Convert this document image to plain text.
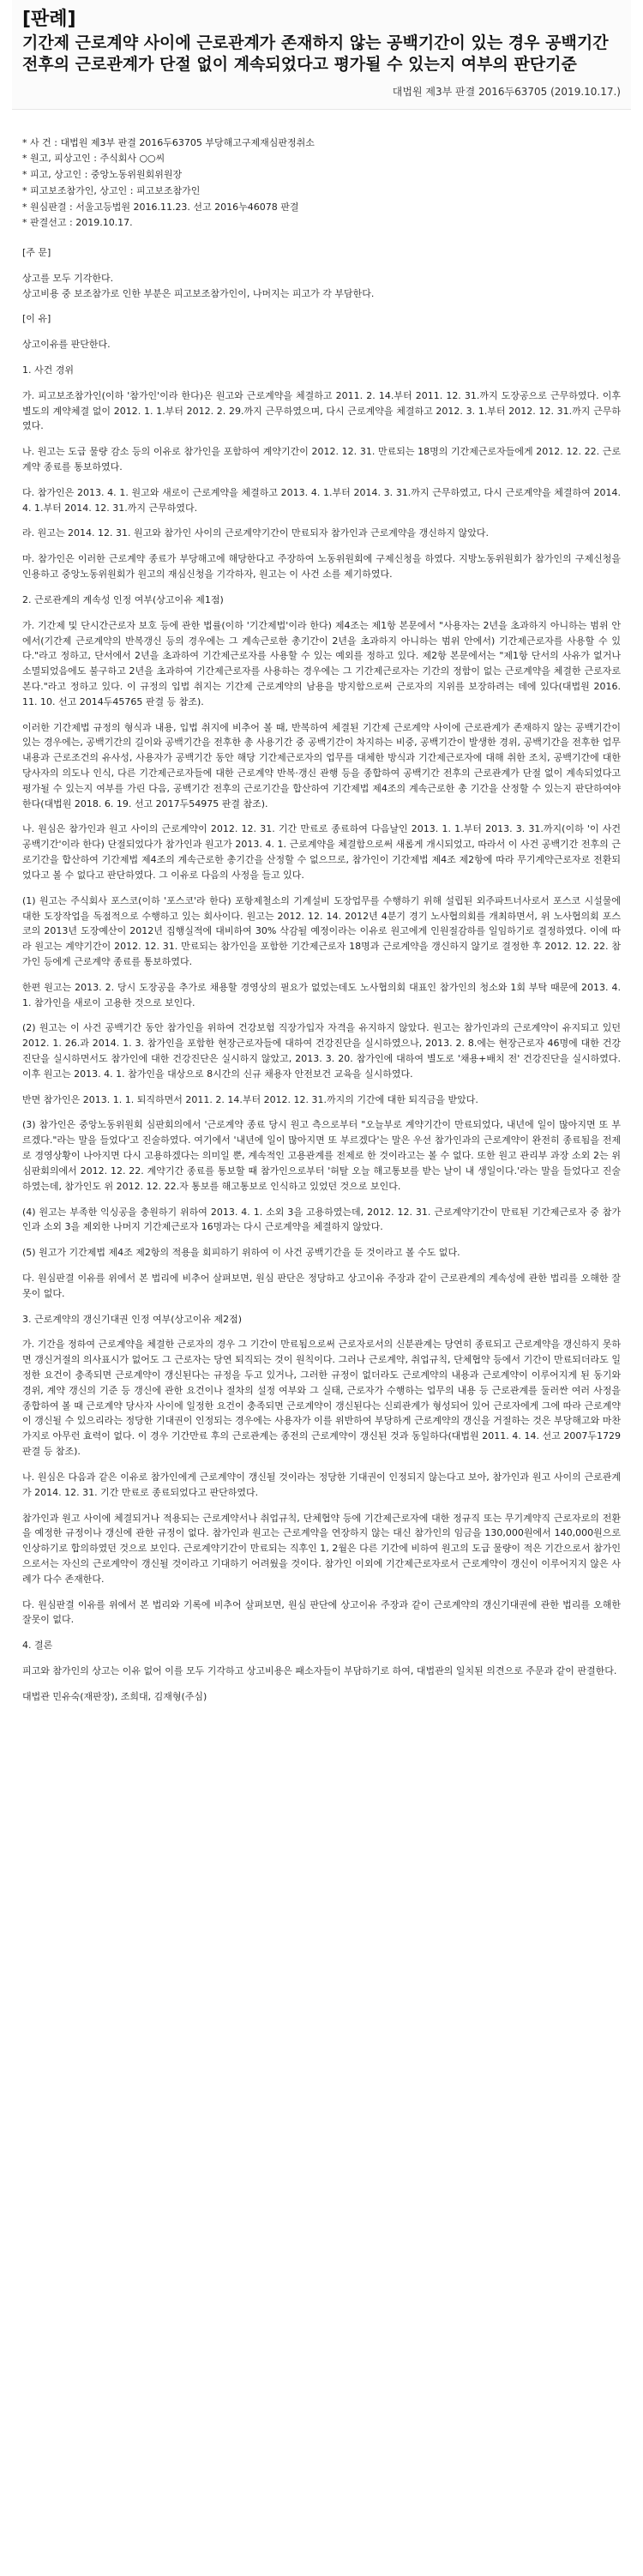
[판례]
기간제 근로계약 사이에 근로관계가 존재하지 않는 공백기간이 있는 경우 공백기간 전후의 근로관계가 단절 없이 계속되었다고 평가될 수 있는지 여부의 판단기준
대법원 제3부 판결 2016두63705 (2019.10.17.)
* 사 건 : 대법원 제3부 판결 2016두63705 부당해고구제재심판정취소
* 원고, 피상고인 : 주식회사 ○○씨
* 피고, 상고인 : 중앙노동위원회위원장
* 피고보조참가인, 상고인 : 피고보조참가인
* 원심판결 : 서울고등법원 2016.11.23. 선고 2016누46078 판결
* 판결선고 : 2019.10.17.

[주 문]

상고를 모두 기각한다.
상고비용 중 보조참가로 인한 부분은 피고보조참가인이, 나머지는 피고가 각 부담한다.

[이 유]

상고이유를 판단한다.

1. 사건 경위

가. 피고보조참가인(이하 '참가인'이라 한다)은 원고와 근로계약을 체결하고 2011. 2. 14.부터 2011. 12. 31.까지 도장공으로 근무하였다. 이후 별도의 계약체결 없이 2012. 1. 1.부터 2012. 2. 29.까지 근무하였으며, 다시 근로계약을 체결하고 2012. 3. 1.부터 2012. 12. 31.까지 근무하였다.

나. 원고는 도급 물량 감소 등의 이유로 참가인을 포함하여 계약기간이 2012. 12. 31. 만료되는 18명의 기간제근로자들에게 2012. 12. 22. 근로계약 종료를 통보하였다.

다. 참가인은 2013. 4. 1. 원고와 새로이 근로계약을 체결하고 2013. 4. 1.부터 2014. 3. 31.까지 근무하였고, 다시 근로계약을 체결하여 2014. 4. 1.부터 2014. 12. 31.까지 근무하였다.

라. 원고는 2014. 12. 31. 원고와 참가인 사이의 근로계약기간이 만료되자 참가인과 근로계약을 갱신하지 않았다.

마. 참가인은 이러한 근로계약 종료가 부당해고에 해당한다고 주장하여 노동위원회에 구제신청을 하였다. 지방노동위원회가 참가인의 구제신청을 인용하고 중앙노동위원회가 원고의 재심신청을 기각하자, 원고는 이 사건 소를 제기하였다.

2. 근로관계의 계속성 인정 여부(상고이유 제1점)

가. 기간제 및 단시간근로자 보호 등에 관한 법률(이하 '기간제법'이라 한다) 제4조는 제1항 본문에서 "사용자는 2년을 초과하지 아니하는 범위 안에서(기간제 근로계약의 반복갱신 등의 경우에는 그 계속근로한 총기간이 2년을 초과하지 아니하는 범위 안에서) 기간제근로자를 사용할 수 있다."라고 정하고, 단서에서 2년을 초과하여 기간제근로자를 사용할 수 있는 예외를 정하고 있다. 제2항 본문에서는 "제1항 단서의 사유가 없거나 소멸되었음에도 불구하고 2년을 초과하여 기간제근로자를 사용하는 경우에는 그 기간제근로자는 기간의 정함이 없는 근로계약을 체결한 근로자로 본다."라고 정하고 있다. 이 규정의 입법 취지는 기간제 근로계약의 남용을 방지함으로써 근로자의 지위를 보장하려는 데에 있다(대법원 2016. 11. 10. 선고 2014두45765 판결 등 참조).

이러한 기간제법 규정의 형식과 내용, 입법 취지에 비추어 볼 때, 반복하여 체결된 기간제 근로계약 사이에 근로관계가 존재하지 않는 공백기간이 있는 경우에는, 공백기간의 길이와 공백기간을 전후한 총 사용기간 중 공백기간이 차지하는 비중, 공백기간이 발생한 경위, 공백기간을 전후한 업무내용과 근로조건의 유사성, 사용자가 공백기간 동안 해당 기간제근로자의 업무를 대체한 방식과 기간제근로자에 대해 취한 조치, 공백기간에 대한 당사자의 의도나 인식, 다른 기간제근로자들에 대한 근로계약 반복·갱신 관행 등을 종합하여 공백기간 전후의 근로관계가 단절 없이 계속되었다고 평가될 수 있는지 여부를 가린 다음, 공백기간 전후의 근로기간을 합산하여 기간제법 제4조의 계속근로한 총 기간을 산정할 수 있는지 판단하여야 한다(대법원 2018. 6. 19. 선고 2017두54975 판결 참조).

나. 원심은 참가인과 원고 사이의 근로계약이 2012. 12. 31. 기간 만료로 종료하여 다음날인 2013. 1. 1.부터 2013. 3. 31.까지(이하 '이 사건 공백기간'이라 한다) 단절되었다가 참가인과 원고가 2013. 4. 1. 근로계약을 체결함으로써 새롭게 개시되었고, 따라서 이 사건 공백기간 전후의 근로기간을 합산하여 기간제법 제4조의 계속근로한 총기간을 산정할 수 없으므로, 참가인이 기간제법 제4조 제2항에 따라 무기계약근로자로 전환되었다고 볼 수 없다고 판단하였다. 그 이유로 다음의 사정을 들고 있다.

(1) 원고는 주식회사 포스코(이하 '포스코'라 한다) 포항제철소의 기계설비 도장업무를 수행하기 위해 설립된 외주파트너사로서 포스코 시설물에 대한 도장작업을 독점적으로 수행하고 있는 회사이다. 원고는 2012. 12. 14. 2012년 4분기 경기 노사협의회를 개최하면서, 위 노사협의회 포스코의 2013년 도장예산이 2012년 집행실적에 대비하여 30% 삭감될 예정이라는 이유로 원고에게 인원절감하를 일임하기로 결정하였다. 이에 따라 원고는 계약기간이 2012. 12. 31. 만료되는 참가인을 포함한 기간제근로자 18명과 근로계약을 갱신하지 않기로 결정한 후 2012. 12. 22. 참가인 등에게 근로계약 종료를 통보하였다.

한편 원고는 2013. 2. 당시 도장공을 추가로 채용할 경영상의 필요가 없었는데도 노사협의회 대표인 참가인의 청소와 1회 부탁 때문에 2013. 4. 1. 참가인을 새로이 고용한 것으로 보인다.

(2) 원고는 이 사건 공백기간 동안 참가인을 위하여 건강보험 직장가입자 자격을 유지하지 않았다. 원고는 참가인과의 근로계약이 유지되고 있던 2012. 1. 26.과 2014. 1. 3. 참가인을 포함한 현장근로자들에 대하여 건강진단을 실시하였으나, 2013. 2. 8.에는 현장근로자 46명에 대한 건강진단을 실시하면서도 참가인에 대한 건강진단은 실시하지 않았고, 2013. 3. 20. 참가인에 대하여 별도로 '채용+배치 전' 건강진단을 실시하였다. 이후 원고는 2013. 4. 1. 참가인을 대상으로 8시간의 신규 채용자 안전보건 교육을 실시하였다.

반면 참가인은 2013. 1. 1. 퇴직하면서 2011. 2. 14.부터 2012. 12. 31.까지의 기간에 대한 퇴직금을 받았다.

(3) 참가인은 중앙노동위원회 심판회의에서 '근로계약 종료 당시 원고 측으로부터 "오늘부로 계약기간이 만료되었다, 내년에 일이 많아지면 또 부르겠다."라는 말을 들었다'고 진술하였다. 여기에서 '내년에 일이 많아지면 또 부르겠다'는 말은 우선 참가인과의 근로계약이 완전히 종료됨을 전제로 경영상황이 나아지면 다시 고용하겠다는 의미일 뿐, 계속적인 고용관계를 전제로 한 것이라고는 볼 수 없다. 또한 원고 관리부 과장 소외 2는 위 심판회의에서 2012. 12. 22. 계약기간 종료를 통보할 때 참가인으로부터 '허탈 오늘 해고통보를 받는 날이 내 생일이다.'라는 말을 들었다고 진술하였는데, 참가인도 위 2012. 12. 22.자 통보를 해고통보로 인식하고 있었던 것으로 보인다.

(4) 원고는 부족한 익싱공을 충원하기 위하여 2013. 4. 1. 소외 3을 고용하였는데, 2012. 12. 31. 근로계약기간이 만료된 기간제근로자 중 참가인과 소외 3을 제외한 나머지 기간제근로자 16명과는 다시 근로계약을 체결하지 않았다.

(5) 원고가 기간제법 제4조 제2항의 적용을 회피하기 위하여 이 사건 공백기간을 둔 것이라고 볼 수도 없다.

다. 원심판결 이유를 위에서 본 법리에 비추어 살펴보면, 원심 판단은 정당하고 상고이유 주장과 같이 근로관계의 계속성에 관한 법리를 오해한 잘못이 없다.

3. 근로계약의 갱신기대권 인정 여부(상고이유 제2점)

가. 기간을 정하여 근로계약을 체결한 근로자의 경우 그 기간이 만료됨으로써 근로자로서의 신분관계는 당연히 종료되고 근로계약을 갱신하지 못하면 갱신거절의 의사표시가 없어도 그 근로자는 당연 퇴직되는 것이 원칙이다. 그러나 근로계약, 취업규칙, 단체협약 등에서 기간이 만료되더라도 일정한 요건이 충족되면 근로계약이 갱신된다는 규정을 두고 있거나, 그러한 규정이 없더라도 근로계약의 내용과 근로계약이 이루어지게 된 동기와 경위, 계약 갱신의 기준 등 갱신에 관한 요건이나 절차의 설정 여부와 그 실태, 근로자가 수행하는 업무의 내용 등 근로관계를 둘러싼 여러 사정을 종합하여 볼 때 근로계약 당사자 사이에 일정한 요건이 충족되면 근로계약이 갱신된다는 신뢰관계가 형성되어 있어 근로자에게 그에 따라 근로계약이 갱신될 수 있으리라는 정당한 기대권이 인정되는 경우에는 사용자가 이를 위반하여 부당하게 근로계약의 갱신을 거절하는 것은 부당해고와 마찬가지로 아무런 효력이 없다. 이 경우 기간만료 후의 근로관계는 종전의 근로계약이 갱신된 것과 동일하다(대법원 2011. 4. 14. 선고 2007두1729 판결 등 참조).

나. 원심은 다음과 같은 이유로 참가인에게 근로계약이 갱신될 것이라는 정당한 기대권이 인정되지 않는다고 보아, 참가인과 원고 사이의 근로관계가 2014. 12. 31. 기간 만료로 종료되었다고 판단하였다.

참가인과 원고 사이에 체결되거나 적용되는 근로계약서나 취업규칙, 단체협약 등에 기간제근로자에 대한 정규직 또는 무기계약직 근로자로의 전환을 예정한 규정이나 갱신에 관한 규정이 없다. 참가인과 원고는 근로계약을 연장하지 않는 대신 참가인의 임금을 130,000원에서 140,000원으로 인상하기로 합의하였던 것으로 보인다. 근로계약기간이 만료되는 직후인 1, 2월은 다른 기간에 비하여 원고의 도급 물량이 적은 기간으로서 참가인으로서는 자신의 근로계약이 갱신될 것이라고 기대하기 어려웠을 것이다. 참가인 이외에 기간제근로자로서 근로계약이 갱신이 이루어지지 않은 사례가 다수 존재한다.

다. 원심판결 이유를 위에서 본 법리와 기록에 비추어 살펴보면, 원심 판단에 상고이유 주장과 같이 근로계약의 갱신기대권에 관한 법리를 오해한 잘못이 없다.

4. 결론

피고와 참가인의 상고는 이유 없어 이를 모두 기각하고 상고비용은 패소자들이 부담하기로 하여, 대법관의 일치된 의견으로 주문과 같이 판결한다.

대법관 민유숙(재판장), 조희대, 김재형(주심)
